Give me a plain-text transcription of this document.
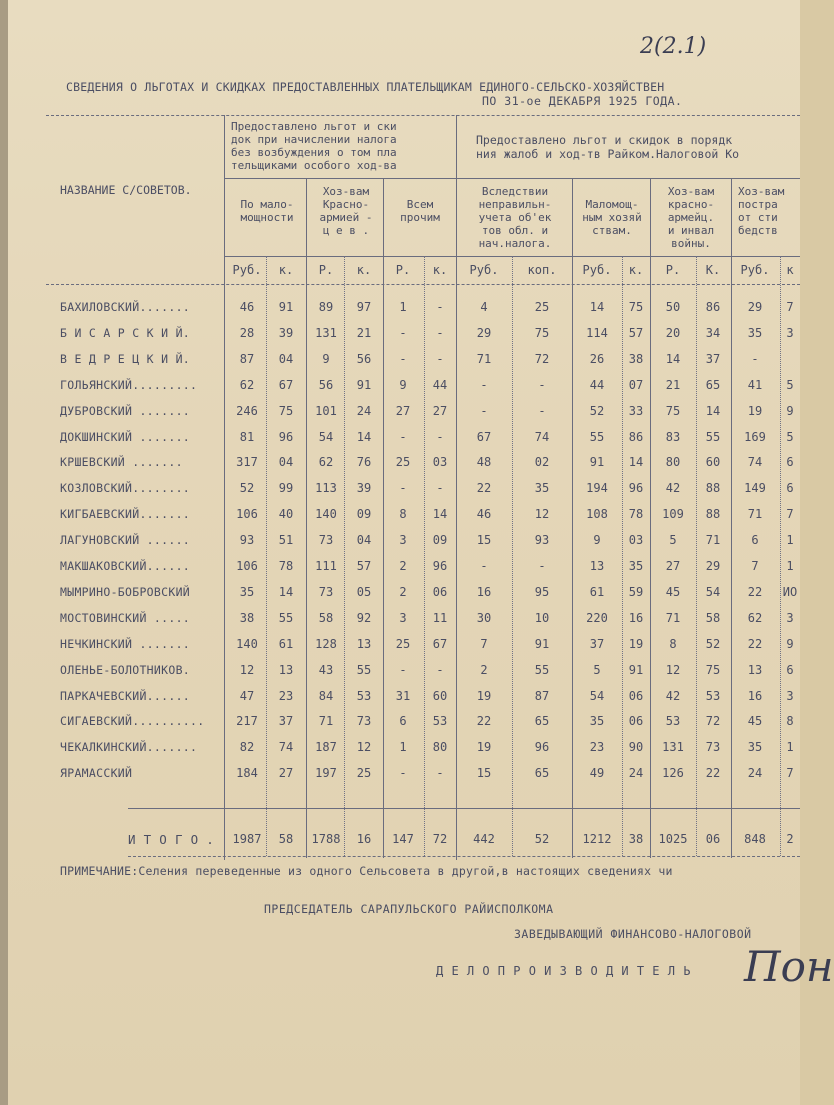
2(2.1)
СВЕДЕНИЯ О ЛЬГОТАХ И СКИДКАХ ПРЕДОСТАВЛЕННЫХ ПЛАТЕЛЬЩИКАМ ЕДИНОГО-СЕЛЬСКО-ХОЗЯЙСТВЕН
ПО 31-ое ДЕКАБРЯ 1925 ГОДА.
НАЗВАНИЕ С/СОВЕТОВ.
Предоставлено льгот и ски
док при начислении налога
без возбуждения о том пла
тельщиками особого ход-ва
Предоставлено льгот и скидок в порядк
ния жалоб и ход-тв Райком.Налоговой Ко
По мало-
мощности
Хоз-вам
Красно-
армией -
ц е в .
Всем
прочим
Вследствии
неправильн-
учета об'ек
тов обл. и
нач.налога.
Маломощ-
ным хозяй
ствам.
Хоз-вам
красно-
армейц.
и инвал
войны.
Хоз-вам
постра
от сти
бедств
Руб.	к.	Р.	к.	Р.	к.	Руб.	коп.	Руб.	к.	Р.	К.	Руб.	к
БАХИЛОВСКИЙ.......	46	91	89	97	1	-	4	25	14	75	50	86	29	7
Б И С А Р С К И Й.	28	39	131	21	-	-	29	75	114	57	20	34	35	3
В Е Д Р Е Ц К И Й.	87	04	9	56	-	-	71	72	26	38	14	37	-
ГОЛЬЯНСКИЙ.........	62	67	56	91	9	44	-	-	44	07	21	65	41	5
ДУБРОВСКИЙ .......	246	75	101	24	27	27	-	-	52	33	75	14	19	9
ДОКШИНСКИЙ .......	81	96	54	14	-	-	67	74	55	86	83	55	169	5
КРШЕВСКИЙ .......	317	04	62	76	25	03	48	02	91	14	80	60	74	6
КОЗЛОВСКИЙ........	52	99	113	39	-	-	22	35	194	96	42	88	149	6
КИГБАЕВСКИЙ.......	106	40	140	09	8	14	46	12	108	78	109	88	71	7
ЛАГУНОВСКИЙ ......	93	51	73	04	3	09	15	93	9	03	5	71	6	1
МАКШАКОВСКИЙ......	106	78	111	57	2	96	-	-	13	35	27	29	7	1
МЫМРИНО-БОБРОВСКИЙ	35	14	73	05	2	06	16	95	61	59	45	54	22	ИО
МОСТОВИНСКИЙ .....	38	55	58	92	3	11	30	10	220	16	71	58	62	3
НЕЧКИНСКИЙ .......	140	61	128	13	25	67	7	91	37	19	8	52	22	9
ОЛЕНЬЕ-БОЛОТНИКОВ.	12	13	43	55	-	-	2	55	5	91	12	75	13	6
ПАРКАЧЕВСКИЙ......	47	23	84	53	31	60	19	87	54	06	42	53	16	3
СИГАЕВСКИЙ..........	217	37	71	73	6	53	22	65	35	06	53	72	45	8
ЧЕКАЛКИНСКИЙ.......	82	74	187	12	1	80	19	96	23	90	131	73	35	1
ЯРАМАССКИЙ	184	27	197	25	-	-	15	65	49	24	126	22	24	7
И Т О Г О .	1987	58	1788	16	147	72	442	52	1212	38	1025	06	848	2
ПРИМЕЧАНИЕ:Селения переведенные из одного Сельсовета в другой,в настоящих сведениях чи
ПРЕДСЕДАТЕЛЬ САРАПУЛЬСКОГО РАЙИСПОЛКОМА
ЗАВЕДЫВАЮЩИЙ ФИНАНСОВО-НАЛОГОВОЙ
Д Е Л О П Р О И З В О Д И Т Е Л Ь Пон
